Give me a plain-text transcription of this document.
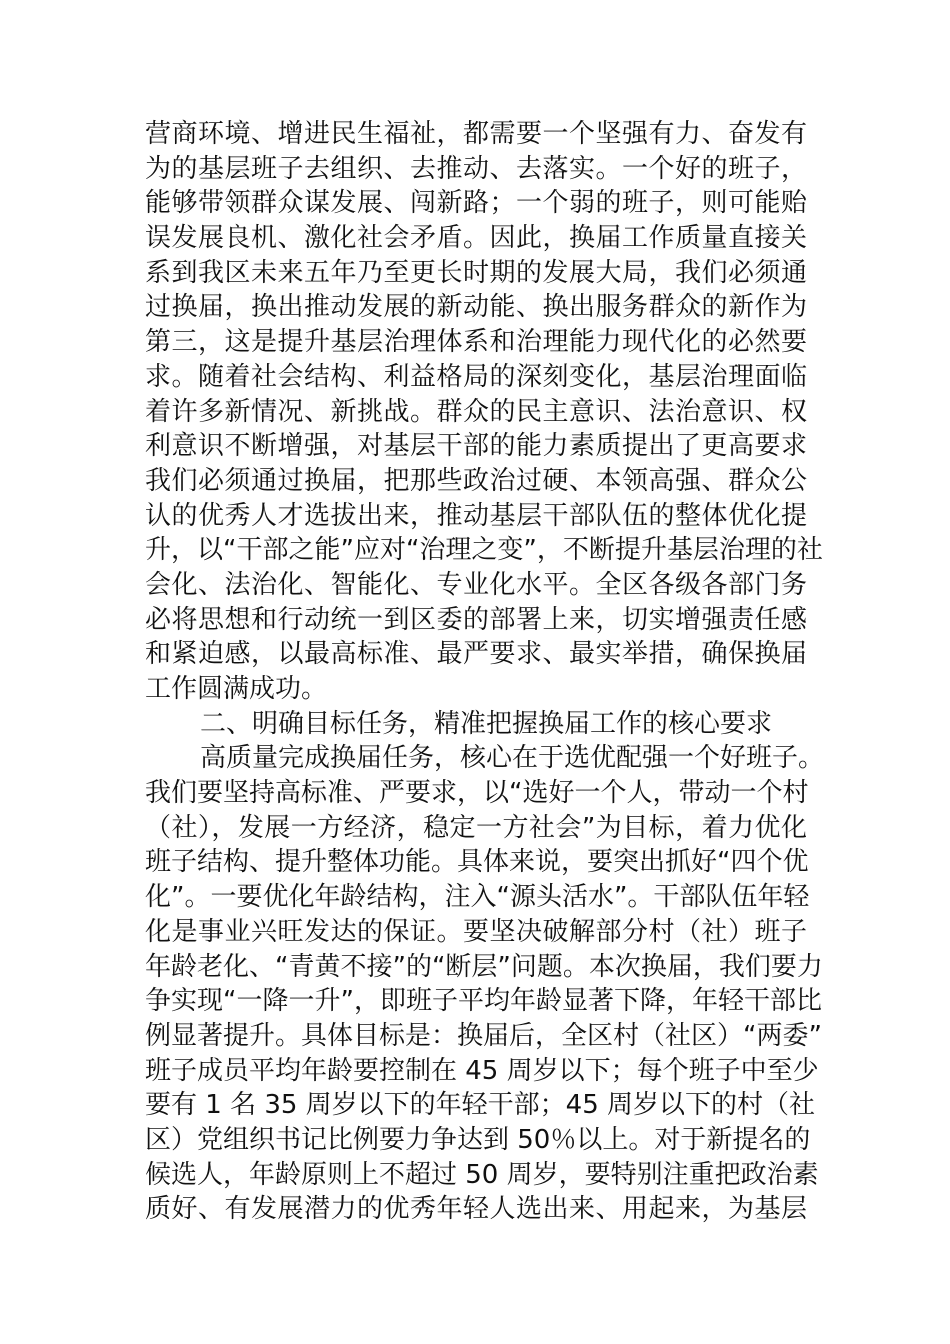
营商环境、增进民生福祉，都需要一个坚强有力、奋发有
为的基层班子去组织、去推动、去落实。一个好的班子，
能够带领群众谋发展、闯新路；一个弱的班子，则可能贻
误发展良机、激化社会矛盾。因此，换届工作质量直接关
系到我区未来五年乃至更长时期的发展大局，我们必须通
过换届，换出推动发展的新动能、换出服务群众的新作为
第三，这是提升基层治理体系和治理能力现代化的必然要
求。随着社会结构、利益格局的深刻变化，基层治理面临
着许多新情况、新挑战。群众的民主意识、法治意识、权
利意识不断增强，对基层干部的能力素质提出了更高要求
我们必须通过换届，把那些政治过硬、本领高强、群众公
认的优秀人才选拔出来，推动基层干部队伍的整体优化提
升，以“干部之能”应对“治理之变”，不断提升基层治理的社
会化、法治化、智能化、专业化水平。全区各级各部门务
必将思想和行动统一到区委的部署上来，切实增强责任感
和紧迫感，以最高标准、最严要求、最实举措，确保换届
工作圆满成功。
二、明确目标任务，精准把握换届工作的核心要求
高质量完成换届任务，核心在于选优配强一个好班子。
我们要坚持高标准、严要求，以“选好一个人，带动一个村
（社），发展一方经济，稳定一方社会”为目标，着力优化
班子结构、提升整体功能。具体来说，要突出抓好“四个优
化”。一要优化年龄结构，注入“源头活水”。干部队伍年轻
化是事业兴旺发达的保证。要坚决破解部分村（社）班子
年龄老化、“青黄不接”的“断层”问题。本次换届，我们要力
争实现“一降一升”，即班子平均年龄显著下降，年轻干部比
例显著提升。具体目标是：换届后，全区村（社区）“两委”
班子成员平均年龄要控制在 45 周岁以下；每个班子中至少
要有 1 名 35 周岁以下的年轻干部；45 周岁以下的村（社
区）党组织书记比例要力争达到 50％以上。对于新提名的
候选人，年龄原则上不超过 50 周岁，要特别注重把政治素
质好、有发展潜力的优秀年轻人选出来、用起来，为基层
